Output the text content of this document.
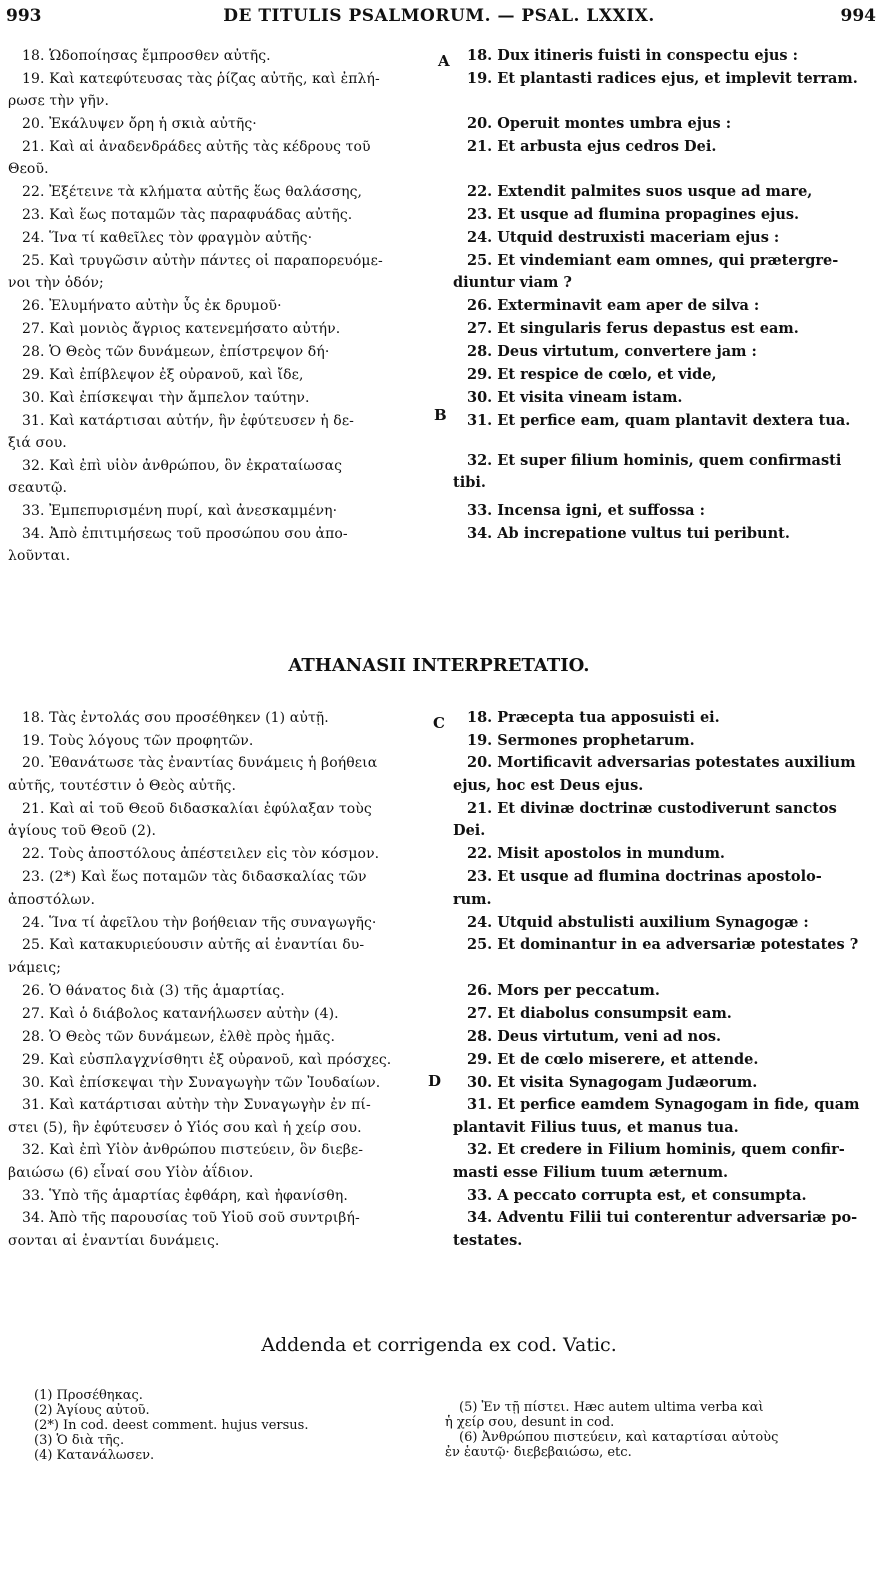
993	DE TITULIS PSALMORUM. — PSAL. LXXIX.	994
18. Ὡδοποίησας ἔμπροσθεν αὐτῆς.
19. Καὶ κατεφύτευσας τὰς ῥίζας αὐτῆς, καὶ ἐπλή-
ρωσε τὴν γῆν.
20. Ἐκάλυψεν ὄρη ἡ σκιὰ αὐτῆς·
21. Καὶ αἱ ἀναδενδράδες αὐτῆς τὰς κέδρους τοῦ
Θεοῦ.
22. Ἐξέτεινε τὰ κλήματα αὐτῆς ἕως θαλάσσης,
23. Καὶ ἕως ποταμῶν τὰς παραφυάδας αὐτῆς.
24. Ἵνα τί καθεῖλες τὸν φραγμὸν αὐτῆς·
25. Καὶ τρυγῶσιν αὐτὴν πάντες οἱ παραπορευόμε-
νοι τὴν ὁδόν;
26. Ἐλυμήνατο αὐτὴν ὗς ἐκ δρυμοῦ·
27. Καὶ μονιὸς ἄγριος κατενεμήσατο αὐτήν.
28. Ὁ Θεὸς τῶν δυνάμεων, ἐπίστρεψον δή·
29. Καὶ ἐπίβλεψον ἐξ οὐρανοῦ, καὶ ἴδε,
30. Καὶ ἐπίσκεψαι τὴν ἄμπελον ταύτην.
31. Καὶ κατάρτισαι αὐτήν, ἣν ἐφύτευσεν ἡ δε-
ξιά σου.
32. Καὶ ἐπὶ υἱὸν ἀνθρώπου, ὃν ἐκραταίωσας
σεαυτῷ.
33. Ἐμπεπυρισμένη πυρί, καὶ ἀνεσκαμμένη·
34. Ἀπὸ ἐπιτιμήσεως τοῦ προσώπου σου ἀπο-
λοῦνται.
18. Dux itineris fuisti in conspectu ejus :
19. Et plantasti radices ejus, et implevit terram.
20. Operuit montes umbra ejus :
21. Et arbusta ejus cedros Dei.
22. Extendit palmites suos usque ad mare,
23. Et usque ad flumina propagines ejus.
24. Utquid destruxisti maceriam ejus :
25. Et vindemiant eam omnes, qui prætergre-
diuntur viam ?
26. Exterminavit eam aper de silva :
27. Et singularis ferus depastus est eam.
28. Deus virtutum, convertere jam :
29. Et respice de cœlo, et vide,
30. Et visita vineam istam.
31. Et perfice eam, quam plantavit dextera tua.
32. Et super filium hominis, quem confirmasti
tibi.
33. Incensa igni, et suffossa :
34. Ab increpatione vultus tui peribunt.
A
B
ATHANASII INTERPRETATIO.
18. Τὰς ἐντολάς σου προσέθηκεν (1) αὐτῇ.
19. Τοὺς λόγους τῶν προφητῶν.
20. Ἐθανάτωσε τὰς ἐναντίας δυνάμεις ἡ βοήθεια
αὐτῆς, τουτέστιν ὁ Θεὸς αὐτῆς.
21. Καὶ αἱ τοῦ Θεοῦ διδασκαλίαι ἐφύλαξαν τοὺς
ἁγίους τοῦ Θεοῦ (2).
22. Τοὺς ἀποστόλους ἀπέστειλεν εἰς τὸν κόσμον.
23. (2*) Καὶ ἕως ποταμῶν τὰς διδασκαλίας τῶν
ἀποστόλων.
24. Ἵνα τί ἀφεῖλου τὴν βοήθειαν τῆς συναγωγῆς·
25. Καὶ κατακυριεύουσιν αὐτῆς αἱ ἐναντίαι δυ-
νάμεις;
26. Ὁ θάνατος διὰ (3) τῆς ἁμαρτίας.
27. Καὶ ὁ διάβολος κατανήλωσεν αὐτὴν (4).
28. Ὁ Θεὸς τῶν δυνάμεων, ἐλθὲ πρὸς ἡμᾶς.
29. Καὶ εὐσπλαγχνίσθητι ἐξ οὐρανοῦ, καὶ πρόσχες.
30. Καὶ ἐπίσκεψαι τὴν Συναγωγὴν τῶν Ἰουδαίων.
31. Καὶ κατάρτισαι αὐτὴν τὴν Συναγωγὴν ἐν πί-
στει (5), ἣν ἐφύτευσεν ὁ Υἱός σου καὶ ἡ χείρ σου.
32. Καὶ ἐπὶ Υἱὸν ἀνθρώπου πιστεύειν, ὃν διεβε-
βαιώσω (6) εἶναί σου Υἱὸν ἀΐδιον.
33. Ὑπὸ τῆς ἁμαρτίας ἐφθάρη, καὶ ἠφανίσθη.
34. Ἀπὸ τῆς παρουσίας τοῦ Υἱοῦ σοῦ συντριβή-
σονται αἱ ἐναντίαι δυνάμεις.
18. Præcepta tua apposuisti ei.
19. Sermones prophetarum.
20. Mortificavit adversarias potestates auxilium
ejus, hoc est Deus ejus.
21. Et divinæ doctrinæ custodiverunt sanctos
Dei.
22. Misit apostolos in mundum.
23. Et usque ad flumina doctrinas apostolo-
rum.
24. Utquid abstulisti auxilium Synagogæ :
25. Et dominantur in ea adversariæ potestates ?
26. Mors per peccatum.
27. Et diabolus consumpsit eam.
28. Deus virtutum, veni ad nos.
29. Et de cœlo miserere, et attende.
30. Et visita Synagogam Judæorum.
31. Et perfice eamdem Synagogam in fide, quam
plantavit Filius tuus, et manus tua.
32. Et credere in Filium hominis, quem confir-
masti esse Filium tuum æternum.
33. A peccato corrupta est, et consumpta.
34. Adventu Filii tui conterentur adversariæ po-
testates.
C
D
Addenda et corrigenda ex cod. Vatic.
(1) Προσέθηκας.
(2) Ἁγίους αὐτοῦ.
(2*) In cod. deest comment. hujus versus.
(3) Ὁ διὰ τῆς.
(4) Κατανάλωσεν.
(5) Ἐν τῇ πίστει. Hæc autem ultima verba καὶ
ἡ χείρ σου, desunt in cod.
(6) Ἀνθρώπου πιστεύειν, καὶ καταρτίσαι αὐτοὺς
ἐν ἑαυτῷ· διεβεβαιώσω, etc.
